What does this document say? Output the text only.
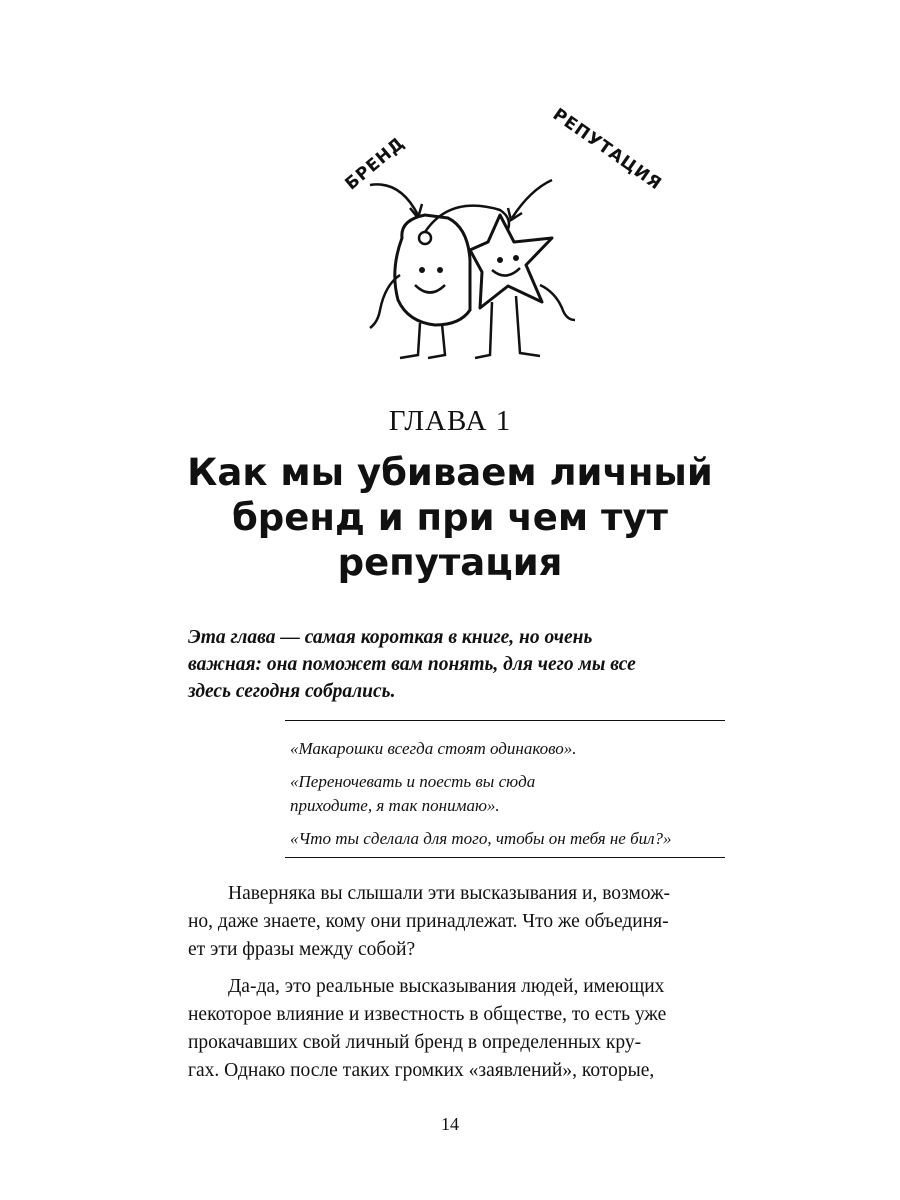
БРЕНД	РЕПУТАЦИЯ
ГЛАВА 1
Как мы убиваем личный
бренд и при чем тут
репутация
Эта глава — самая короткая в книге, но очень
важная: она поможет вам понять, для чего мы все
здесь сегодня собрались.
«Макарошки всегда стоят одинаково».
«Переночевать и поесть вы сюда
приходите, я так понимаю».
«Что ты сделала для того, чтобы он тебя не бил?»

Наверняка вы слышали эти высказывания и, возмож-
но, даже знаете, кому они принадлежат. Что же объединя-
ет эти фразы между собой?

Да-да, это реальные высказывания людей, имеющих
некоторое влияние и известность в обществе, то есть уже
прокачавших свой личный бренд в определенных кру-
гах. Однако после таких громких «заявлений», которые,

14
